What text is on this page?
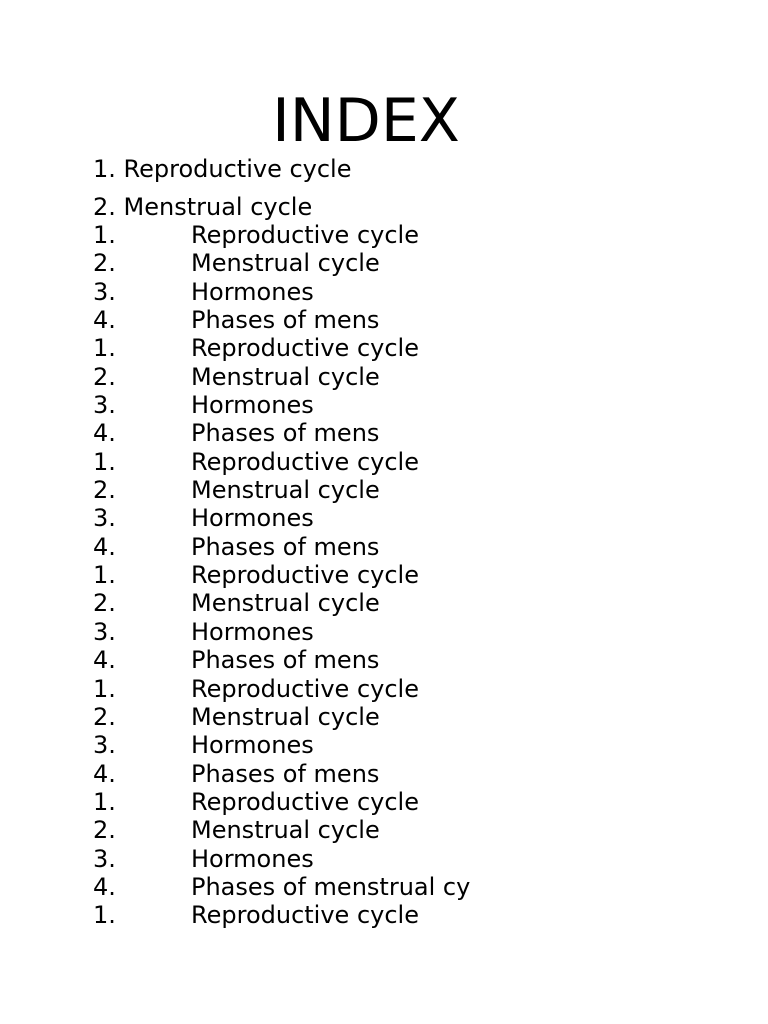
INDEX
1. Reproductive cycle
2. Menstrual cycle
1.	Reproductive cycle
2.	Menstrual cycle
3.	Hormones
4.	Phases of mens
1.	Reproductive cycle
2.	Menstrual cycle
3.	Hormones
4.	Phases of mens
1.	Reproductive cycle
2.	Menstrual cycle
3.	Hormones
4.	Phases of mens
1.	Reproductive cycle
2.	Menstrual cycle
3.	Hormones
4.	Phases of mens
1.	Reproductive cycle
2.	Menstrual cycle
3.	Hormones
4.	Phases of mens
1.	Reproductive cycle
2.	Menstrual cycle
3.	Hormones
4.	Phases of menstrual cy
1.	Reproductive cycle
